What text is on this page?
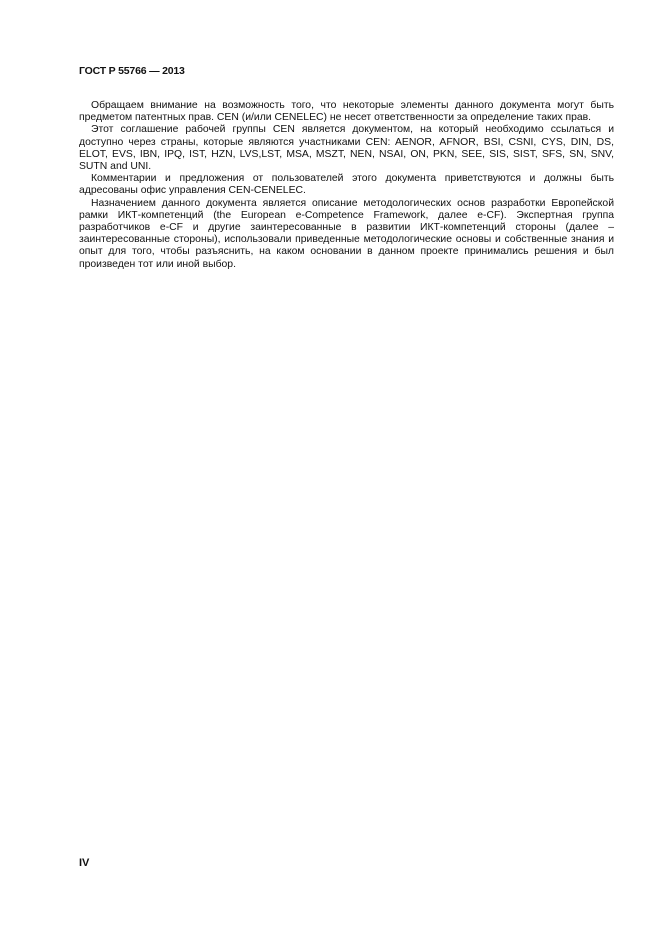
ГОСТ Р 55766 — 2013

Обращаем внимание на возможность того, что некоторые элементы данного документа могут быть предметом патентных прав. CEN (и/или CENELEC) не несет ответственности за определение таких прав.

Этот соглашение рабочей группы CEN является документом, на который необходимо ссылаться и доступно через страны, которые являются участниками CEN: AENOR, AFNOR, BSI, CSNI, CYS, DIN, DS, ELOT, EVS, IBN, IPQ, IST, HZN, LVS,LST, MSA, MSZT, NEN, NSAI, ON, PKN, SEE, SIS, SIST, SFS, SN, SNV, SUTN and UNI.

Комментарии и предложения от пользователей этого документа приветствуются и должны быть адресованы офис управления CEN-CENELEC.

Назначением данного документа является описание методологических основ разработки Европейской рамки ИКТ-компетенций (the European e-Competence Framework, далее e-CF). Экспертная группа разработчиков e-CF и другие заинтересованные в развитии ИКТ-компетенций стороны (далее – заинтересованные стороны), использовали приведенные методологические основы и собственные знания и опыт для того, чтобы разъяснить, на каком основании в данном проекте принимались решения и был произведен тот или иной выбор.

IV
